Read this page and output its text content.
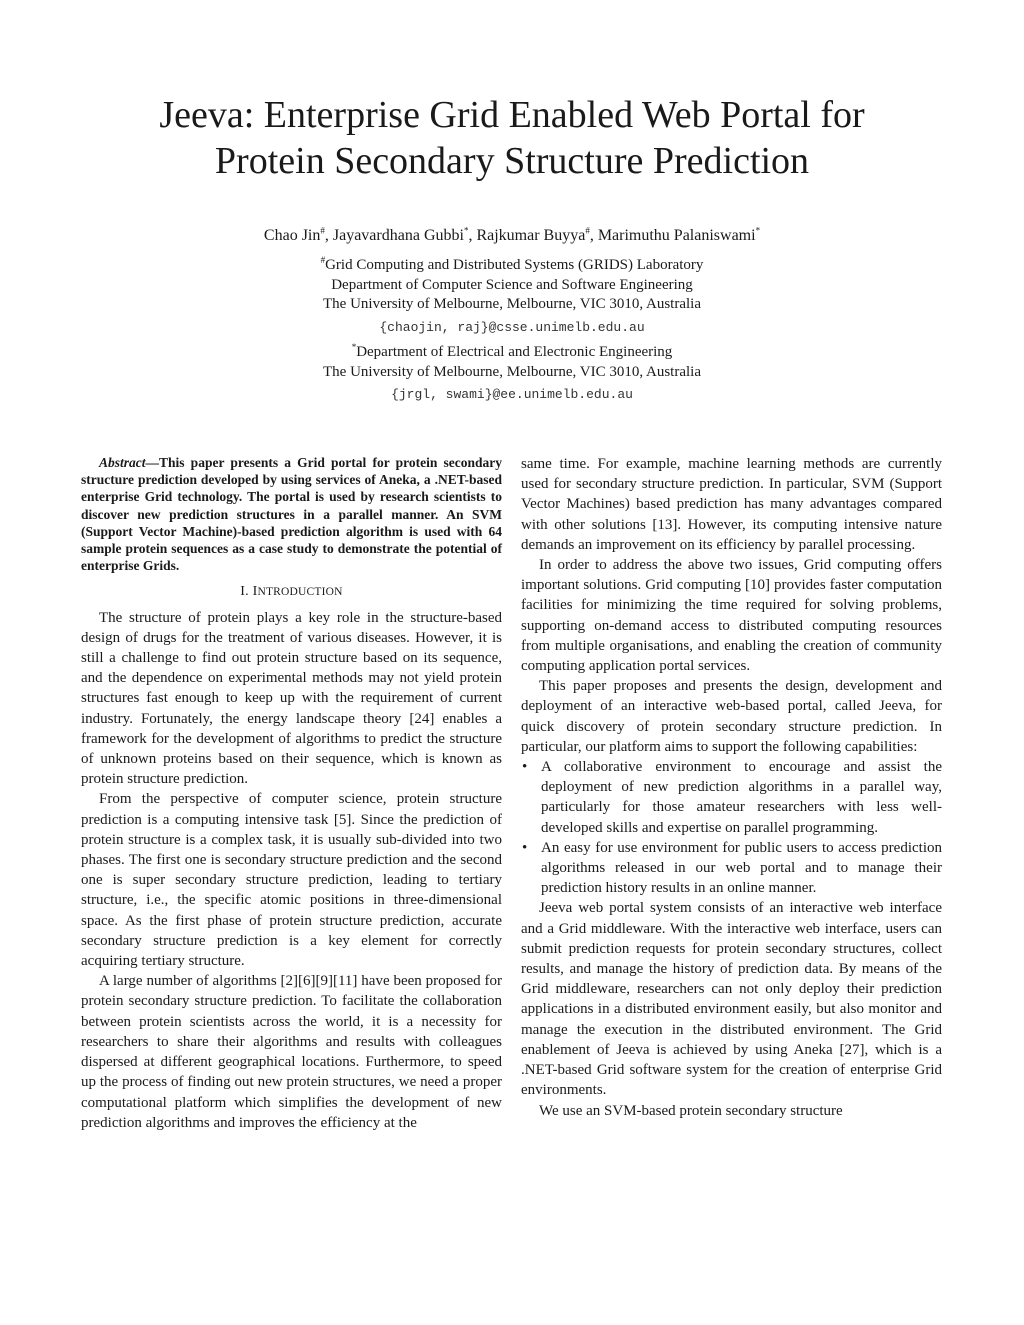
Jeeva: Enterprise Grid Enabled Web Portal for
Protein Secondary Structure Prediction
Chao Jin#, Jayavardhana Gubbi*, Rajkumar Buyya#, Marimuthu Palaniswami*
#Grid Computing and Distributed Systems (GRIDS) Laboratory
Department of Computer Science and Software Engineering
The University of Melbourne, Melbourne, VIC 3010, Australia
{chaojin, raj}@csse.unimelb.edu.au
*Department of Electrical and Electronic Engineering
The University of Melbourne, Melbourne, VIC 3010, Australia
{jrgl, swami}@ee.unimelb.edu.au

Abstract—This paper presents a Grid portal for protein secondary structure prediction developed by using services of Aneka, a .NET-based enterprise Grid technology. The portal is used by research scientists to discover new prediction structures in a parallel manner. An SVM (Support Vector Machine)-based prediction algorithm is used with 64 sample protein sequences as a case study to demonstrate the potential of enterprise Grids.

I. INTRODUCTION

The structure of protein plays a key role in the structure-based design of drugs for the treatment of various diseases. However, it is still a challenge to find out protein structure based on its sequence, and the dependence on experimental methods may not yield protein structures fast enough to keep up with the requirement of current industry. Fortunately, the energy landscape theory [24] enables a framework for the development of algorithms to predict the structure of unknown proteins based on their sequence, which is known as protein structure prediction.

From the perspective of computer science, protein structure prediction is a computing intensive task [5]. Since the prediction of protein structure is a complex task, it is usually sub-divided into two phases. The first one is secondary structure prediction and the second one is super secondary structure prediction, leading to tertiary structure, i.e., the specific atomic positions in three-dimensional space. As the first phase of protein structure prediction, accurate secondary structure prediction is a key element for correctly acquiring tertiary structure.

A large number of algorithms [2][6][9][11] have been proposed for protein secondary structure prediction. To facilitate the collaboration between protein scientists across the world, it is a necessity for researchers to share their algorithms and results with colleagues dispersed at different geographical locations. Furthermore, to speed up the process of finding out new protein structures, we need a proper computational platform which simplifies the development of new prediction algorithms and improves the efficiency at the

same time. For example, machine learning methods are currently used for secondary structure prediction. In particular, SVM (Support Vector Machines) based prediction has many advantages compared with other solutions [13]. However, its computing intensive nature demands an improvement on its efficiency by parallel processing.

In order to address the above two issues, Grid computing offers important solutions. Grid computing [10] provides faster computation facilities for minimizing the time required for solving problems, supporting on-demand access to distributed computing resources from multiple organisations, and enabling the creation of community computing application portal services.

This paper proposes and presents the design, development and deployment of an interactive web-based portal, called Jeeva, for quick discovery of protein secondary structure prediction. In particular, our platform aims to support the following capabilities:

• A collaborative environment to encourage and assist the deployment of new prediction algorithms in a parallel way, particularly for those amateur researchers with less well-developed skills and expertise on parallel programming.
• An easy for use environment for public users to access prediction algorithms released in our web portal and to manage their prediction history results in an online manner.

Jeeva web portal system consists of an interactive web interface and a Grid middleware. With the interactive web interface, users can submit prediction requests for protein secondary structures, collect results, and manage the history of prediction data. By means of the Grid middleware, researchers can not only deploy their prediction applications in a distributed environment easily, but also monitor and manage the execution in the distributed environment. The Grid enablement of Jeeva is achieved by using Aneka [27], which is a .NET-based Grid software system for the creation of enterprise Grid environments.

We use an SVM-based protein secondary structure
